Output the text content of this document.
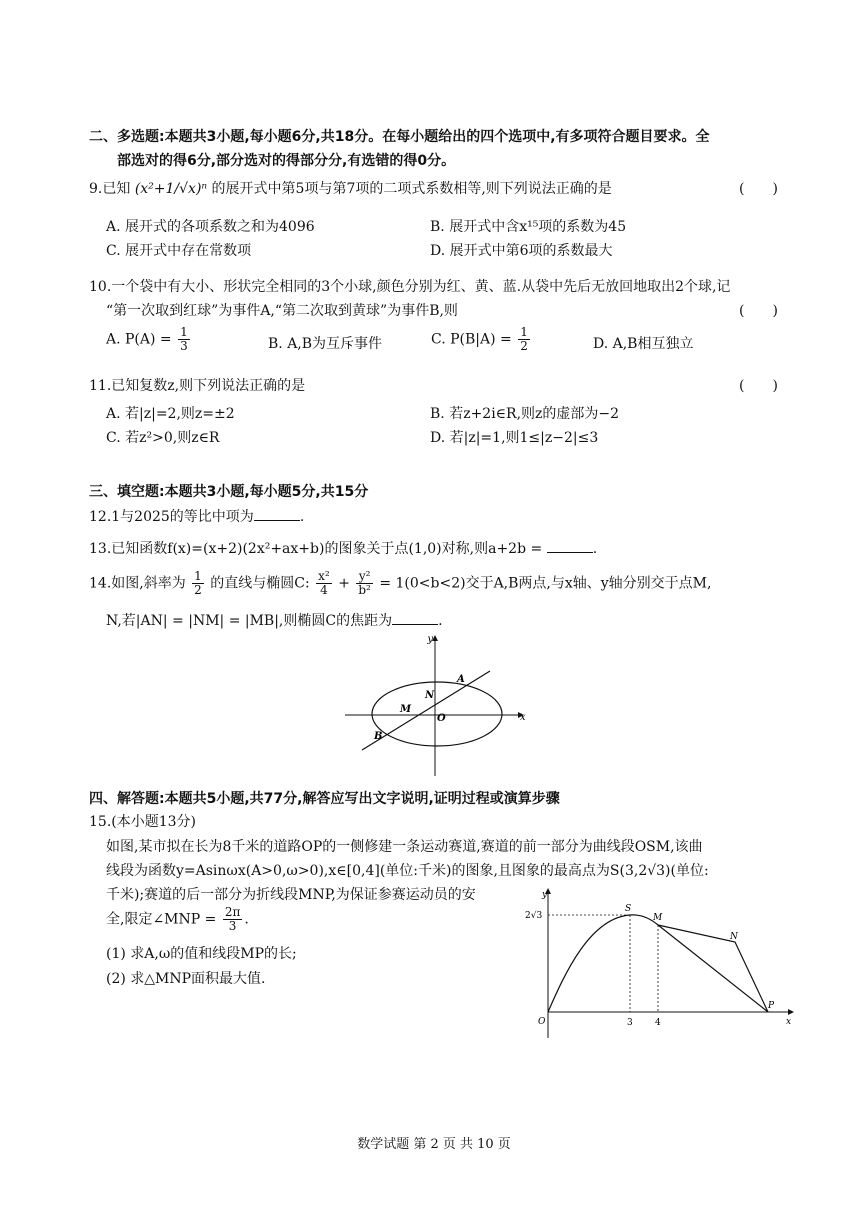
二、多选题:本题共3小题,每小题6分,共18分。在每小题给出的四个选项中,有多项符合题目要求。全
部选对的得6分,部分选对的得部分分,有选错的得0分。
9.已知 (x²+1/√x)ⁿ 的展开式中第5项与第7项的二项式系数相等,则下列说法正确的是	(　　)
A. 展开式的各项系数之和为4096	B. 展开式中含x¹⁵项的系数为45
C. 展开式中存在常数项	D. 展开式中第6项的系数最大
10.一个袋中有大小、形状完全相同的3个小球,颜色分别为红、黄、蓝.从袋中先后无放回地取出2个球,记
“第一次取到红球”为事件A,“第二次取到黄球”为事件B,则	(　　)
A. $P(A) = \frac{1}{3}$	B. A,B为互斥事件	C. $P(B|A) = \frac{1}{2}$	D. A,B相互独立
11.已知复数z,则下列说法正确的是	(　　)
A. 若|z|=2,则z=±2	B. 若z+2i∈R,则z的虚部为−2
C. 若z²>0,则z∈R	D. 若|z|=1,则1≤|z−2|≤3
三、填空题:本题共3小题,每小题5分,共15分
12.1与2025的等比中项为	.
13.已知函数f(x)=(x+2)(2x²+ax+b)的图象关于点(1,0)对称,则a+2b =	.
14.如图,斜率为 $\frac{1}{2}$ 的直线与椭圆C: $\frac{\text{x²}}{4} + \frac{\text{y²}}{\text{b²}} = 1(0<b<2)$交于A,B两点,与x轴、y轴分别交于点M,
N,若|AN| = |NM| = |MB|,则椭圆C的焦距为	.
y
x
O
A
B
M
N
四、解答题:本题共5小题,共77分,解答应写出文字说明,证明过程或演算步骤
15.(本小题13分)
如图,某市拟在长为8千米的道路OP的一侧修建一条运动赛道,赛道的前一部分为曲线段OSM,该曲
线段为函数y=Asinωx(A>0,ω>0),x∈[0,4](单位:千米)的图象,且图象的最高点为S(3,2√3)(单位:
千米);赛道的后一部分为折线段MNP,为保证参赛运动员的安
全,限定∠MNP = $\frac{2\pi}{3}$ .
(1) 求A,ω的值和线段MP的长;
(2) 求△MNP面积最大值.
y
x
O
S
M
N
P
2√3
3 4
数学试题 第 2 页 共 10 页
